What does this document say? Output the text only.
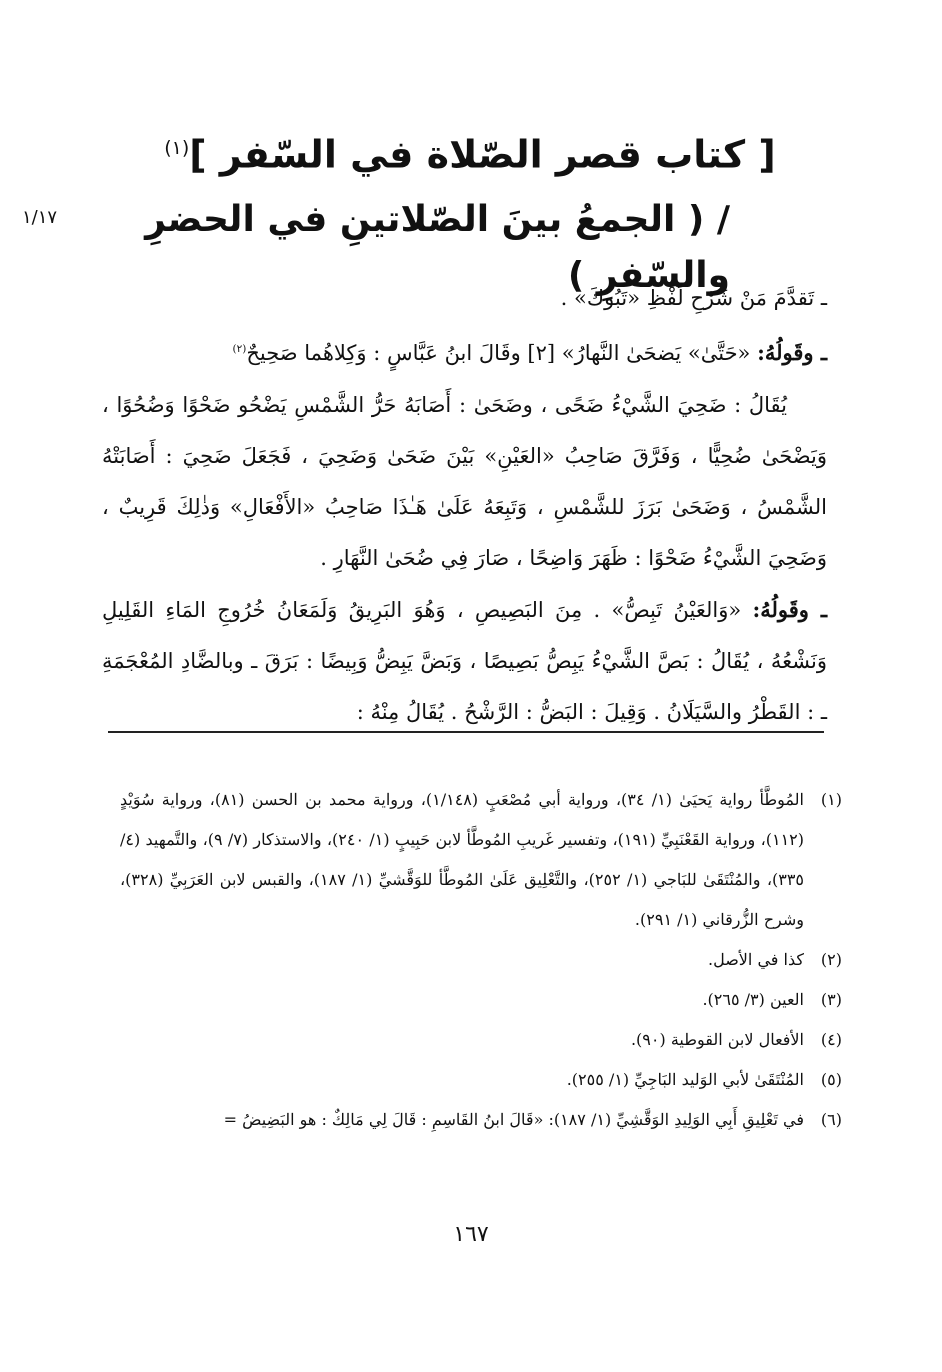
[ كتاب قصر الصّلاة في السّفر ]$^{(١)}$
/ ( الجمعُ بينَ الصّلاتينِ في الحضرِ والسّفرِ )
١/١٧

ـ تَقدَّمَ مَنْ شَرْحِ لَفْظِ «تَبُوكَ» .

ـ وقَولُهُ: «حَتَّىٰ» يَضحَىٰ النَّهارُ» [٢] وقَالَ ابنُ عَبَّاسٍ : وَكِلاهُما صَحِيحٌ$^{(٢)}$

يُقَالُ : ضَحِيَ الشَّيْءُ ضَحًى ، وضَحَىٰ : أَصَابَهُ حَرُّ الشَّمْسِ يَضْحُو ضَحْوًا وَضُحُوًا ، وَيَضْحَىٰ ضُحِيًّا ، وَفَرَّقَ صَاحِبُ «العَيْنِ» بَيْنَ ضَحَىٰ وَضَحِيَ ، فَجَعَلَ ضَحِيَ : أَصَابَتْهُ الشَّمْسُ ، وَضَحَىٰ بَرَزَ للشَّمْسِ ، وَتَبِعَهُ عَلَىٰ هَـٰذَا صَاحِبُ «الأَفْعَالِ» وَذٰلِكَ قَرِيبٌ ، وَضَحِيَ الشَّيْءُ ضَحْوًا : ظَهَرَ وَاضِحًا ، صَارَ فِي ضُحَىٰ النَّهَارِ .

ـ وقَولُهُ: «وَالعَيْنُ تَبِصُّ» . مِنَ البَصِيصِ ، وَهُوَ البَرِيقُ وَلَمَعَانُ خُرُوجِ المَاءِ القَلِيلِ وَنَشْعُهُ ، يُقَالُ : بَصَّ الشَّيْءُ يَبِصُّ بَصِيصًا ، وَبَضَّ يَبِضُّ وَبِيضًا : بَرَقَ ـ وبالضَّادِ المُعْجَمَةِ ـ : القَطْرُ والسَّيَلَانُ . وَقِيلَ : البَضُّ : الرَّشْحُ . يُقَالُ مِنْهُ :

(١)
المُوطَّأ رواية يَحيَىٰ (١/ ٣٤)، ورواية أبي مُصْعَبٍ (١/١٤٨)، ورواية محمد بن الحسن (٨١)، ورواية سُوَيْدٍ (١١٢)، ورواية القَعْنَبِيِّ (١٩١)، وتفسير غَريبِ المُوطَّأ لابن حَبِيبٍ (١/ ٢٤٠)، والاستذكار (٧/ ٩)، والتَّمهيد (٤/ ٣٣٥)، والمُنْتَقَىٰ للبَاجي (١/ ٢٥٢)، والتَّعْلِيق عَلَىٰ المُوطَّأ للوَقَّشيِّ (١/ ١٨٧)، والقبس لابن العَرَبِيِّ (٣٢٨)، وشرح الزُّرقاني (١/ ٢٩١).
(٢)
كذا في الأصل.
(٣)
العين (٣/ ٢٦٥).
(٤)
الأفعال لابن القوطية (٩٠).
(٥)
المُنْتَقَىٰ لأبي الوَليد البَاجِيِّ (١/ ٢٥٥).
(٦)
في تَعْلِيقِ أَبِي الوَلِيدِ الوَقَّشِيِّ (١/ ١٨٧): «قَالَ ابنُ القَاسِمِ : قَالَ لِي مَالِكٌ : هو البَضِيضُ =
١٦٧
